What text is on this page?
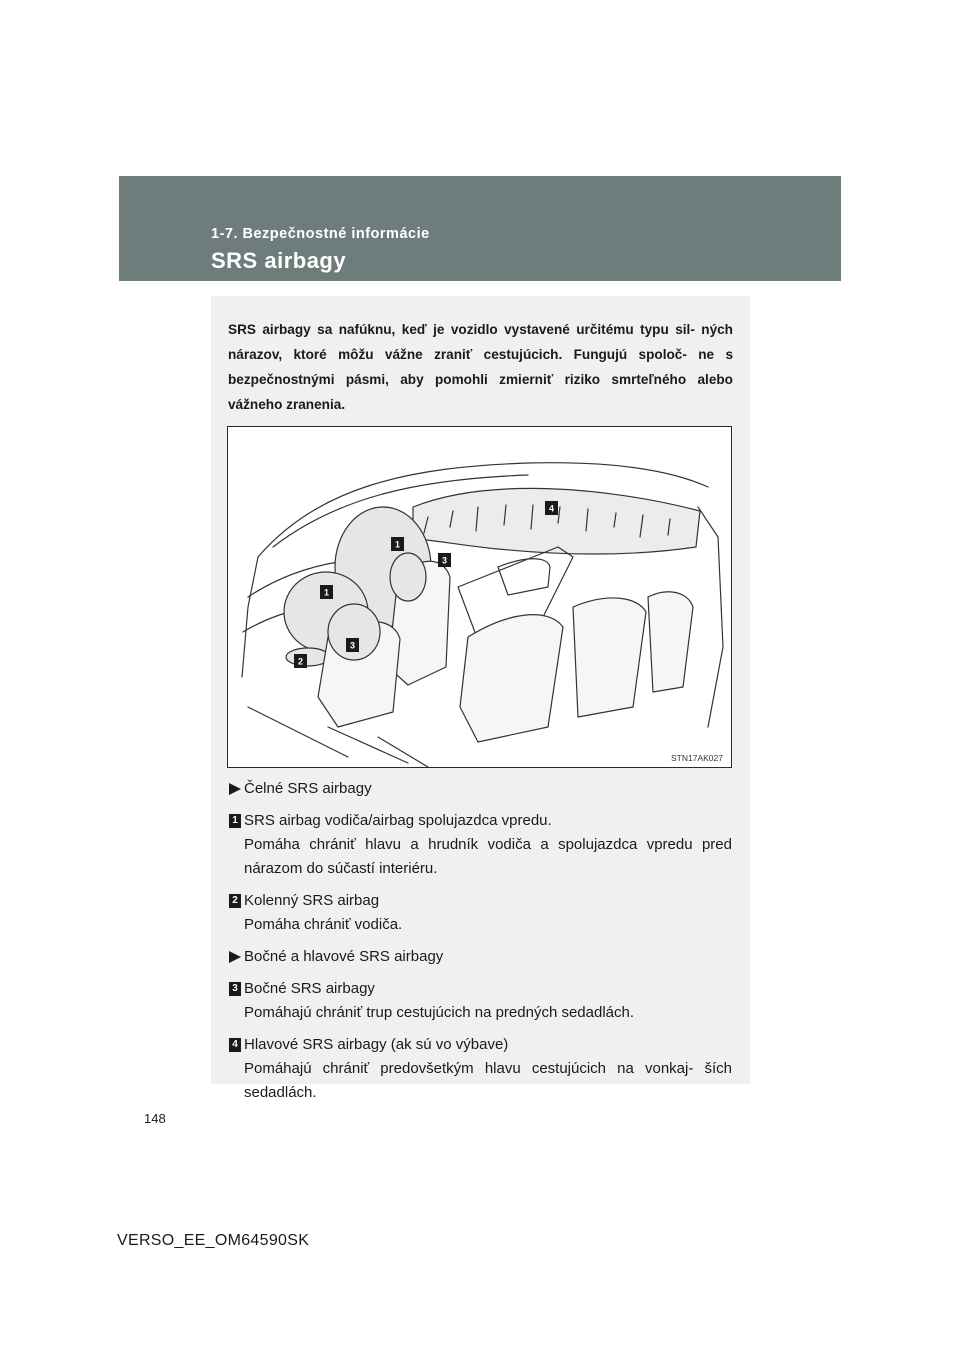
1-7. Bezpečnostné informácie
SRS airbagy
SRS airbagy sa nafúknu, keď je vozidlo vystavené určitému typu sil- ných nárazov, ktoré môžu vážne zraniť cestujúcich. Fungujú spoloč- ne s bezpečnostnými pásmi, aby pomohli zmierniť riziko smrteľného alebo vážneho zranenia.
1
1
2
3
3
4
STN17AK027
Čelné SRS airbagy
1 SRS airbag vodiča/airbag spolujazdca vpredu.
Pomáha chrániť hlavu a hrudník vodiča a spolujazdca vpredu pred nárazom do súčastí interiéru.
2 Kolenný SRS airbag
Pomáha chrániť vodiča.
Bočné a hlavové SRS airbagy
3 Bočné SRS airbagy
Pomáhajú chrániť trup cestujúcich na predných sedadlách.
4 Hlavové SRS airbagy (ak sú vo výbave)
Pomáhajú chrániť predovšetkým hlavu cestujúcich na vonkaj- ších sedadlách.
148
VERSO_EE_OM64590SK
